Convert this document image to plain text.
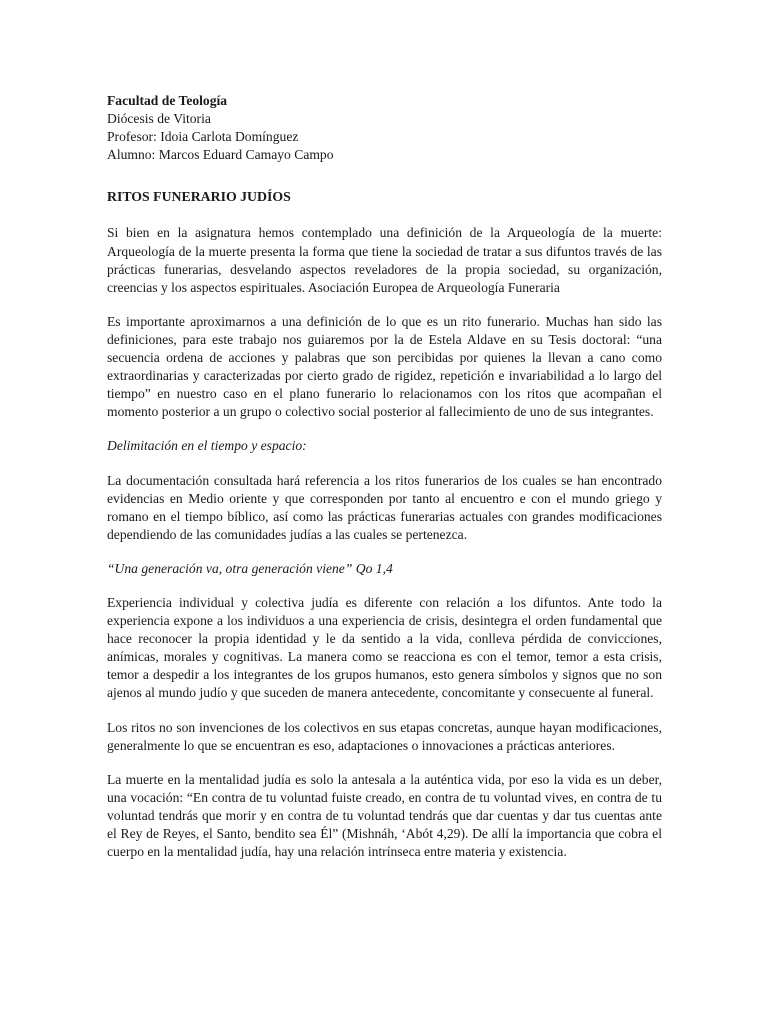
Facultad de Teología

Diócesis de Vitoria

Profesor: Idoia Carlota Domínguez

Alumno: Marcos Eduard Camayo Campo

RITOS FUNERARIO JUDÍOS

Si bien en la asignatura hemos contemplado una definición de la Arqueología de la muerte: Arqueología de la muerte presenta la forma que tiene la sociedad de tratar a sus difuntos través de las prácticas funerarias, desvelando aspectos reveladores de la propia sociedad, su organización, creencias y los aspectos espirituales. Asociación Europea de Arqueología Funeraria

Es importante aproximarnos a una definición de lo que es un rito funerario. Muchas han sido las definiciones, para este trabajo nos guiaremos por la de Estela Aldave en su Tesis doctoral: “una secuencia ordena de acciones y palabras que son percibidas por quienes la llevan a cano como extraordinarias y caracterizadas por cierto grado de rigidez, repetición e invariabilidad a lo largo del tiempo” en nuestro caso en el plano funerario lo relacionamos con los ritos que acompañan el momento posterior a un grupo o colectivo social posterior al fallecimiento de uno de sus integrantes.

Delimitación en el tiempo y espacio:

La documentación consultada hará referencia a los ritos funerarios de los cuales se han encontrado evidencias en Medio oriente y que corresponden por tanto al encuentro e con el mundo griego y romano en el tiempo bíblico, así como las prácticas funerarias actuales con grandes modificaciones dependiendo de las comunidades judías a las cuales se pertenezca.

“Una generación va, otra generación viene” Qo 1,4

Experiencia individual y colectiva judía es diferente con relación a los difuntos. Ante todo la experiencia expone a los individuos a una experiencia de crisis, desintegra el orden fundamental que hace reconocer la propia identidad y le da sentido a la vida, conlleva pérdida de convicciones, anímicas, morales y cognitivas. La manera como se reacciona es con el temor, temor a esta crisis, temor a despedir a los integrantes de los grupos humanos, esto genera símbolos y signos que no son ajenos al mundo judío y que suceden de manera antecedente, concomitante y consecuente al funeral.

Los ritos no son invenciones de los colectivos en sus etapas concretas, aunque hayan modificaciones, generalmente lo que se encuentran es eso, adaptaciones o innovaciones a prácticas anteriores.

La muerte en la mentalidad judía es solo la antesala a la auténtica vida, por eso la vida es un deber, una vocación: “En contra de tu voluntad fuiste creado, en contra de tu voluntad vives, en contra de tu voluntad tendrás que morir y en contra de tu voluntad tendrás que dar cuentas y dar tus cuentas ante el Rey de Reyes, el Santo, bendito sea Él” (Mishnáh, ‘Abót 4,29). De allí la importancia que cobra el cuerpo en la mentalidad judía, hay una relación intrínseca entre materia y existencia.
